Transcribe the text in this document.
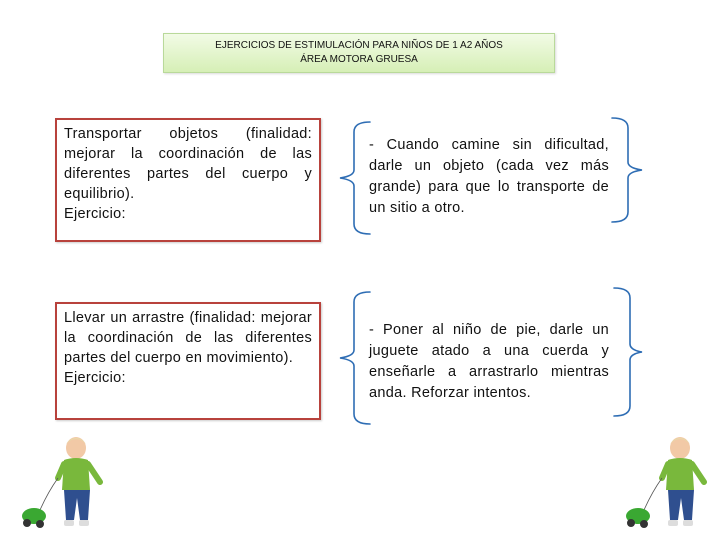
EJERCICIOS DE ESTIMULACIÓN PARA NIÑOS DE 1 A2 AÑOS
ÁREA MOTORA GRUESA
Transportar objetos (finalidad: mejorar la coordinación de las diferentes partes del cuerpo y equilibrio).
Ejercicio:
Llevar un arrastre (finalidad: mejorar la coordinación de las diferentes partes del cuerpo en movimiento).
Ejercicio:
- Cuando camine sin dificultad, darle un objeto (cada vez más grande) para que lo transporte de un sitio a otro.
- Poner al niño de pie, darle un juguete atado a una cuerda y enseñarle a arrastrarlo mientras anda. Reforzar intentos.
